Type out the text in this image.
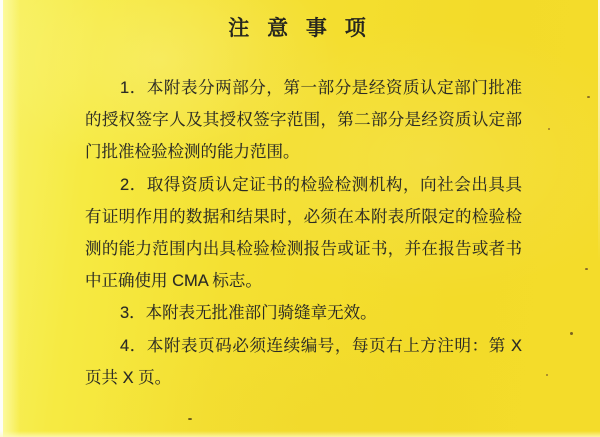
注 意 事 项
1．本附表分两部分，第一部分是经资质认定部门批准
的授权签字人及其授权签字范围，第二部分是经资质认定部
门批准检验检测的能力范围。
2．取得资质认定证书的检验检测机构，向社会出具具
有证明作用的数据和结果时，必须在本附表所限定的检验检
测的能力范围内出具检验检测报告或证书，并在报告或者书
中正确使用 CMA 标志。
3．本附表无批准部门骑缝章无效。
4．本附表页码必须连续编号，每页右上方注明：第 X
页共 X 页。
